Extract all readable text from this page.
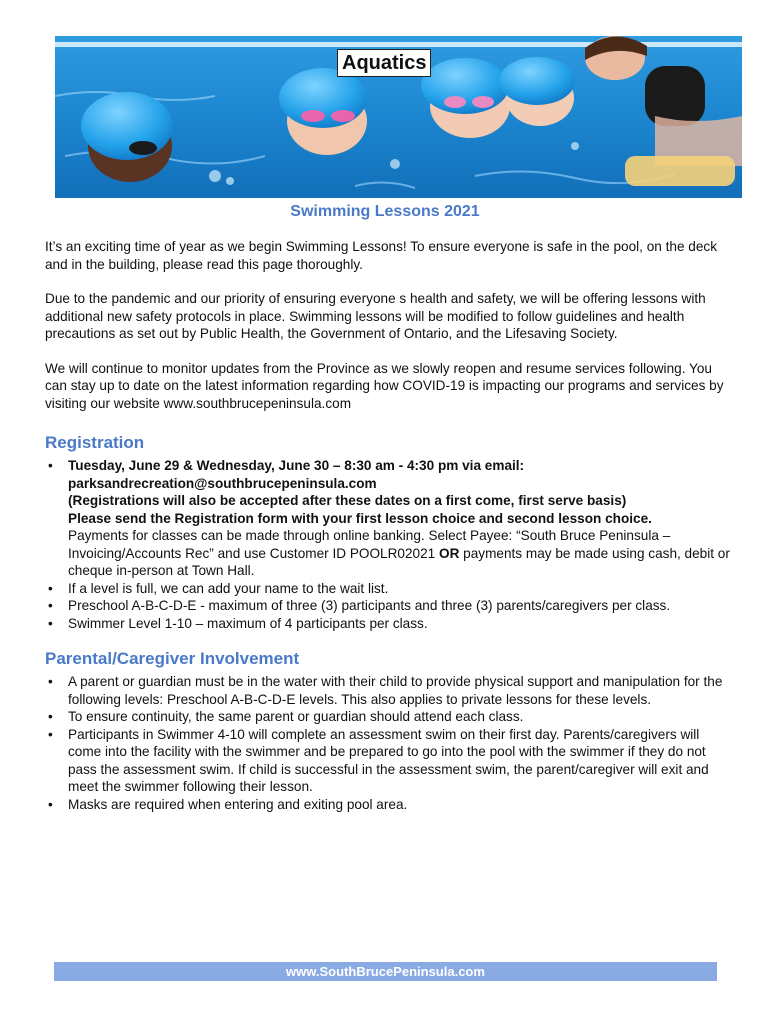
Aquatics
Swimming Lessons 2021

It’s an exciting time of year as we begin Swimming Lessons! To ensure everyone is safe in the pool, on the deck and in the building, please read this page thoroughly.

Due to the pandemic and our priority of ensuring everyone s health and safety, we will be offering lessons with additional new safety protocols in place. Swimming lessons will be modified to follow guidelines and health precautions as set out by Public Health, the Government of Ontario, and the Lifesaving Society.

We will continue to monitor updates from the Province as we slowly reopen and resume services following. You can stay up to date on the latest information regarding how COVID-19 is impacting our programs and services by visiting our website www.southbrucepeninsula.com

Registration
• Tuesday, June 29 & Wednesday, June 30 – 8:30 am - 4:30 pm via email:
parksandrecreation@southbrucepeninsula.com
(Registrations will also be accepted after these dates on a first come, first serve basis)
Please send the Registration form with your first lesson choice and second lesson choice.
Payments for classes can be made through online banking. Select Payee: “South Bruce Peninsula – Invoicing/Accounts Rec” and use Customer ID POOLR02021 OR payments may be made using cash, debit or cheque in-person at Town Hall.
• If a level is full, we can add your name to the wait list.
• Preschool A-B-C-D-E - maximum of three (3) participants and three (3) parents/caregivers per class.
• Swimmer Level 1-10 – maximum of 4 participants per class.
Parental/Caregiver Involvement
• A parent or guardian must be in the water with their child to provide physical support and manipulation for the following levels: Preschool A-B-C-D-E levels. This also applies to private lessons for these levels.
• To ensure continuity, the same parent or guardian should attend each class.
• Participants in Swimmer 4-10 will complete an assessment swim on their first day. Parents/caregivers will come into the facility with the swimmer and be prepared to go into the pool with the swimmer if they do not pass the assessment swim. If child is successful in the assessment swim, the parent/caregiver will exit and meet the swimmer following their lesson.
• Masks are required when entering and exiting pool area.
www.SouthBrucePeninsula.com
